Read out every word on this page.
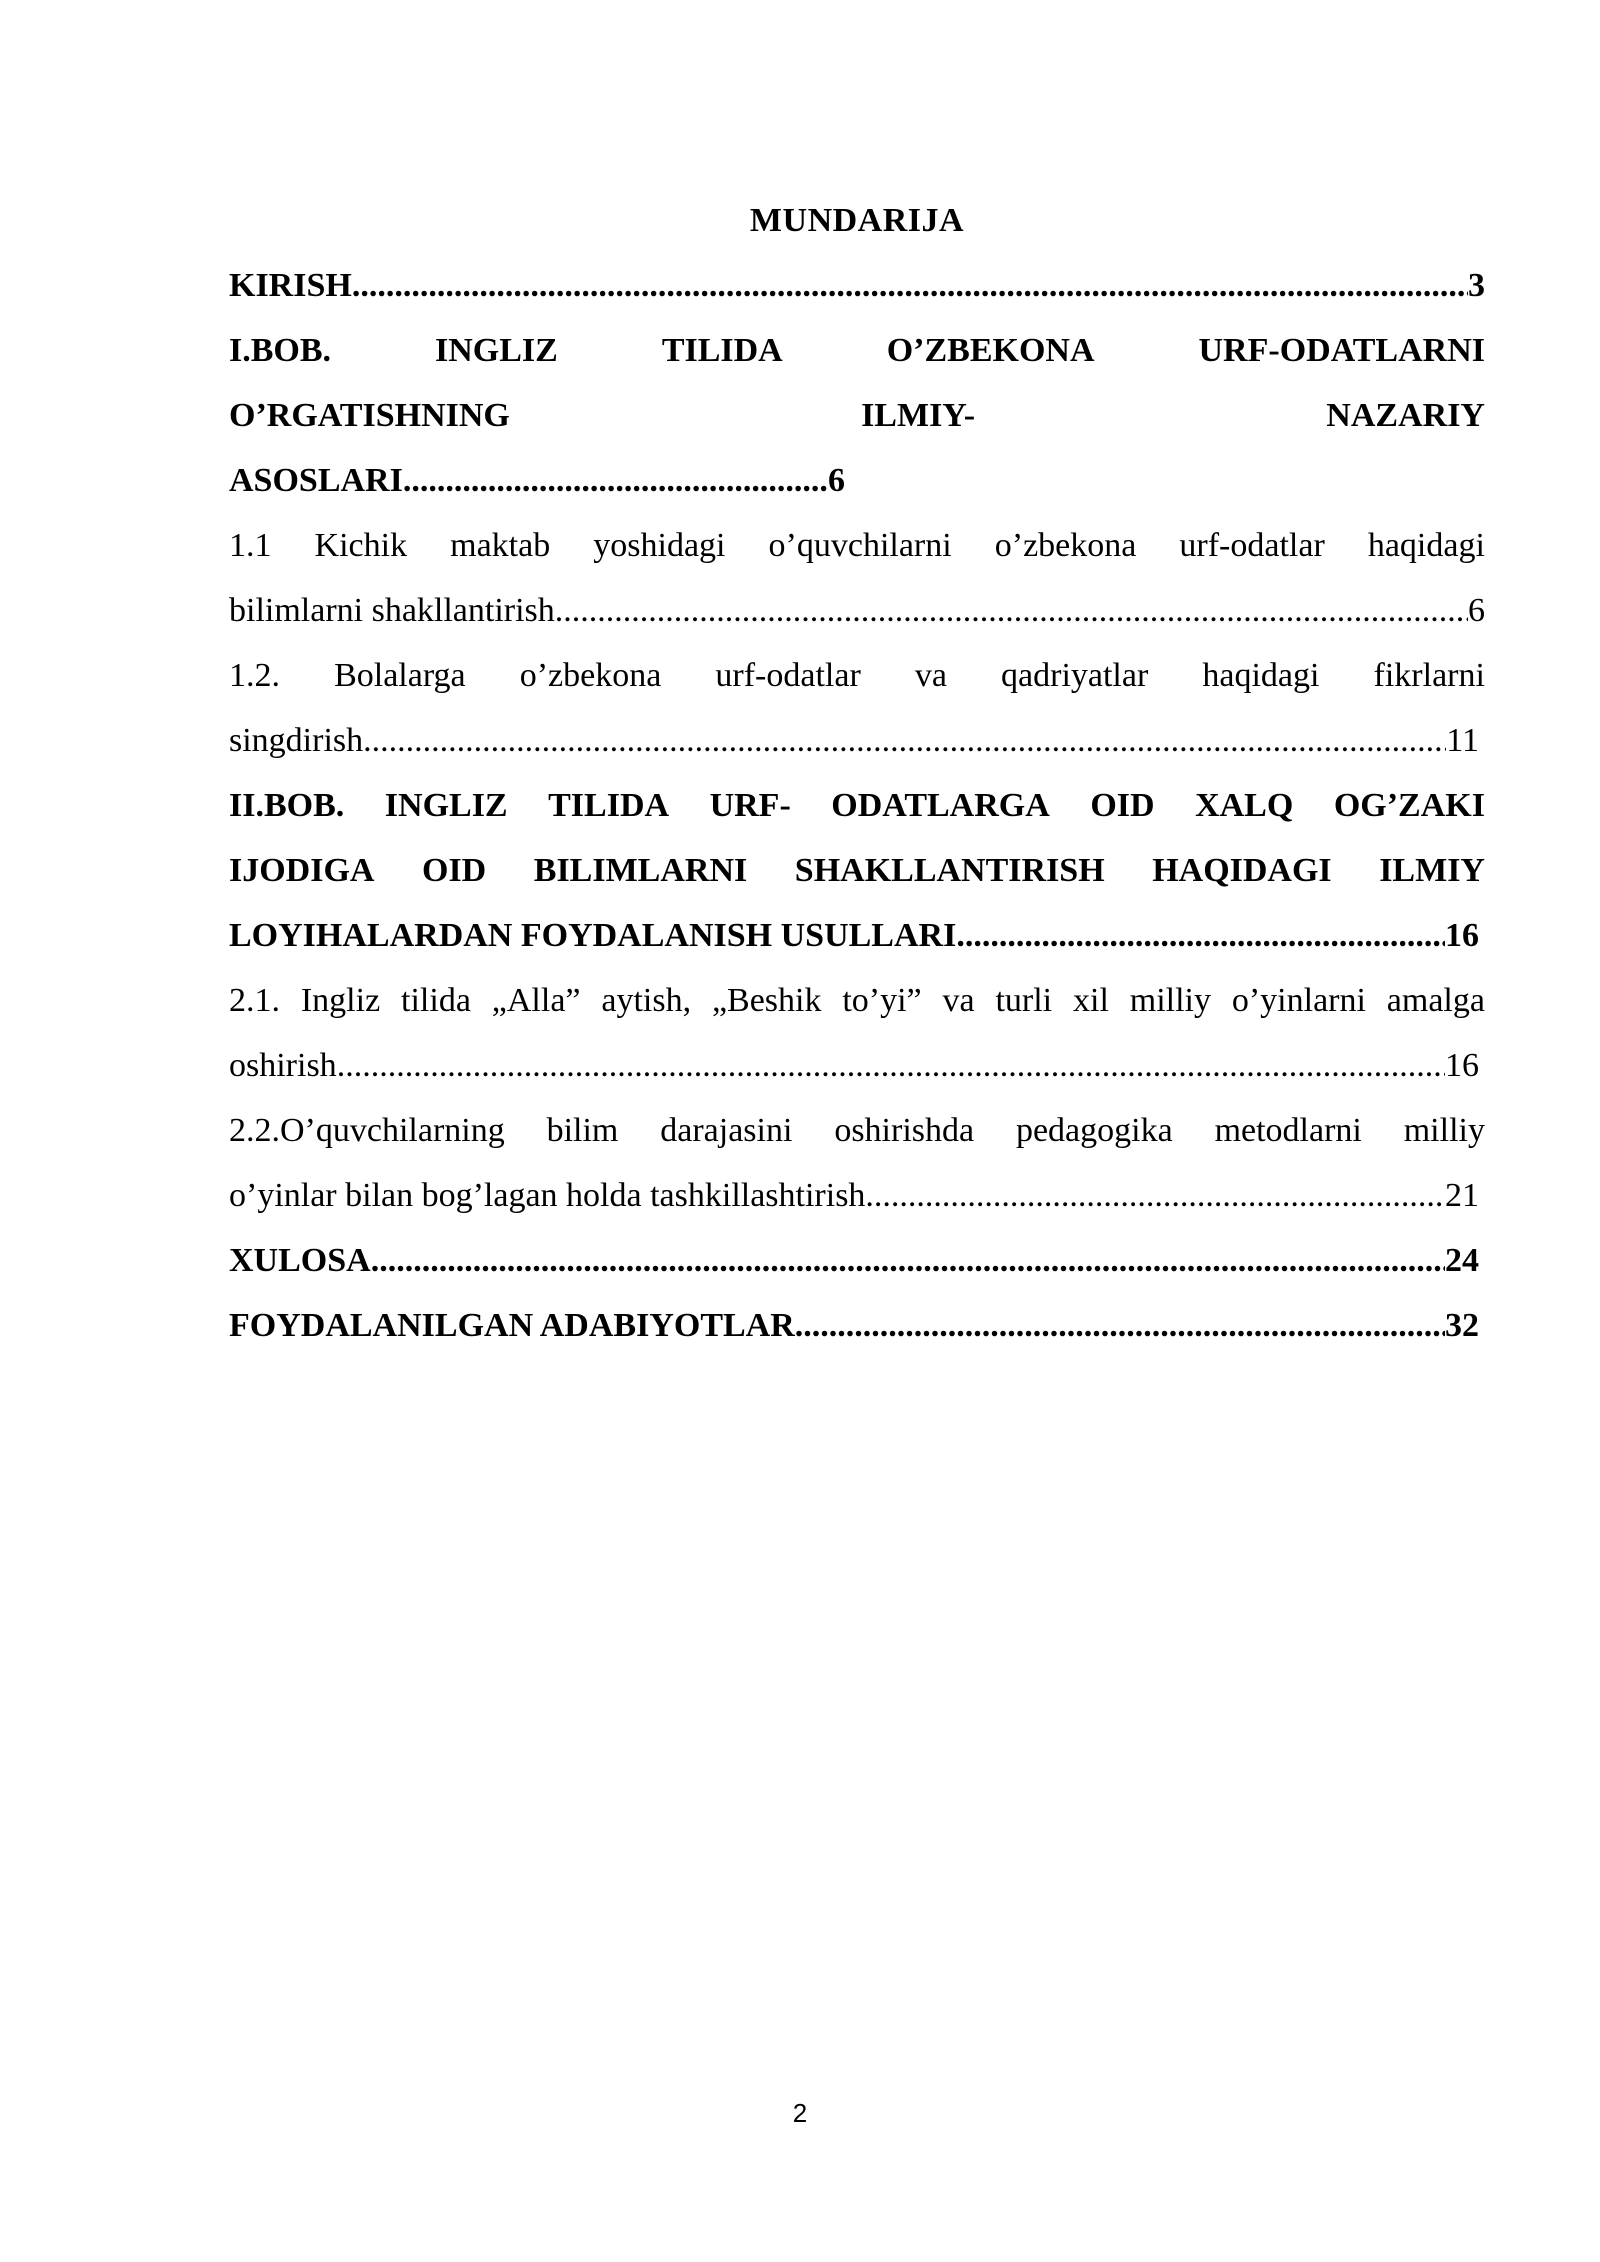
MUNDARIJA
KIRISH .....	3
I.BOB.	INGLIZ	TILIDA	O’ZBEKONA	URF-ODATLARNI
O’RGATISHNING	ILMIY-	NAZARIY
ASOSLARI .....	6
1.1 Kichik maktab yoshidagi o’quvchilarni o’zbekona urf-odatlar haqidagi
bilimlarni shakllantirish .....	6
1.2. Bolalarga o’zbekona urf-odatlar va qadriyatlar haqidagi fikrlarni
singdirish .....	11
II.BOB. INGLIZ TILIDA URF- ODATLARGA OID XALQ OG’ZAKI
IJODIGA OID BILIMLARNI SHAKLLANTIRISH HAQIDAGI ILMIY
LOYIHALARDAN FOYDALANISH USULLARI .....	16
2.1. Ingliz tilida „Alla” aytish, „Beshik to’yi” va turli xil milliy o’yinlarni amalga
oshirish .....	16
2.2.O’quvchilarning bilim darajasini oshirishda pedagogika metodlarni milliy
o’yinlar bilan bog’lagan holda tashkillashtirish .....	21
XULOSA .....	24
FOYDALANILGAN ADABIYOTLAR .....	32
2
